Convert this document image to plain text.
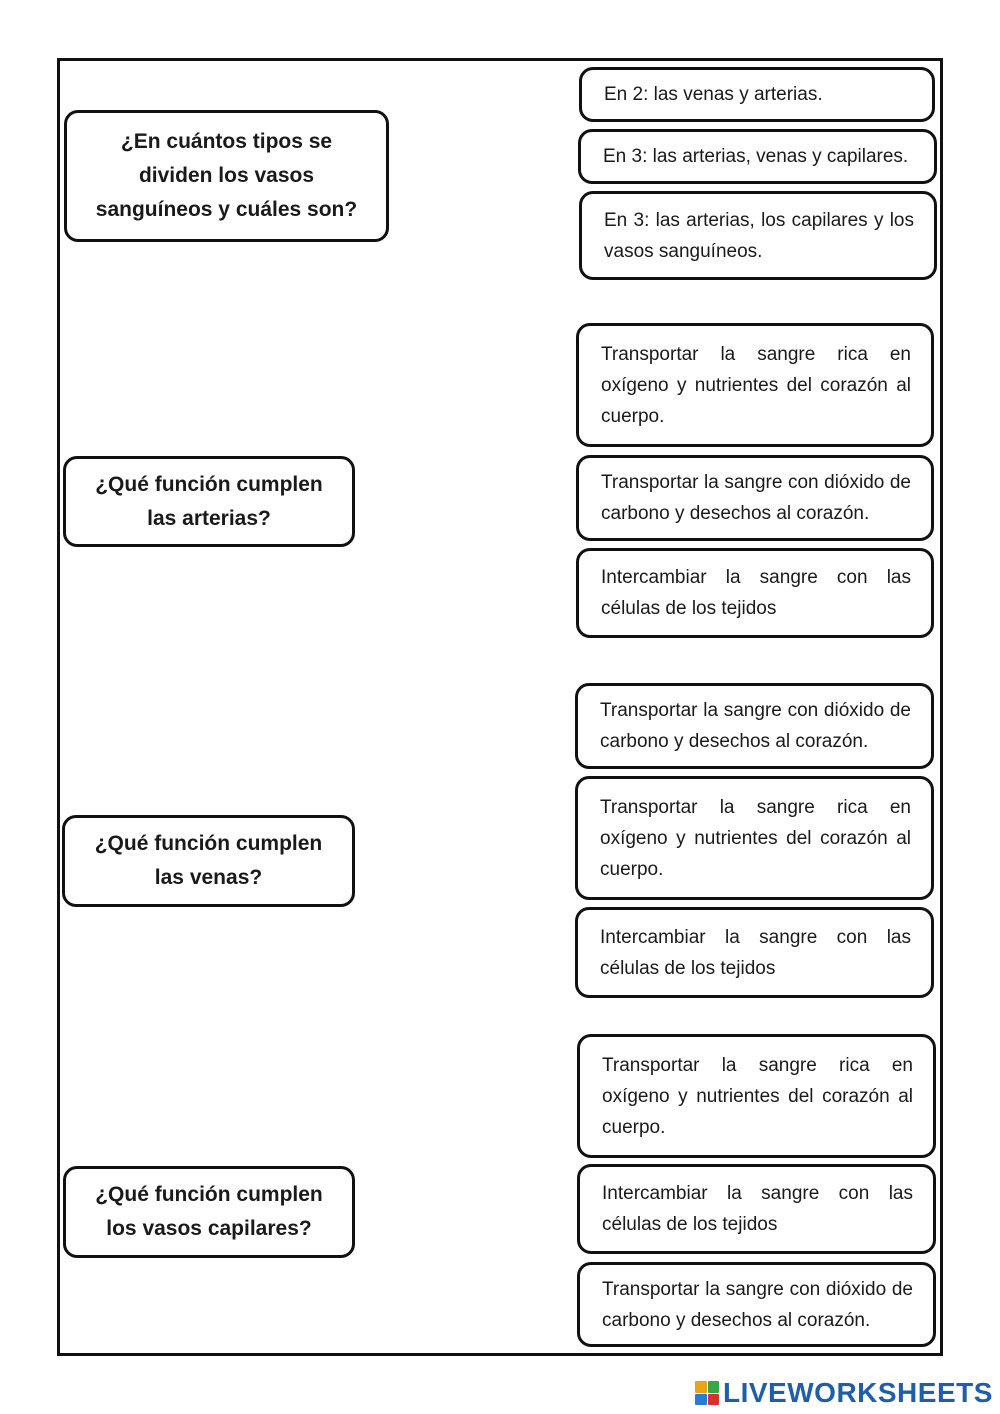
¿En cuántos tipos se dividen los vasos sanguíneos y cuáles son?
En 2: las venas y arterias.
En 3: las arterias, venas y capilares.
En 3: las arterias, los capilares y los vasos sanguíneos.
¿Qué función cumplen las arterias?
Transportar la sangre rica en oxígeno y nutrientes del corazón al cuerpo.
Transportar la sangre con dióxido de carbono y desechos al corazón.
Intercambiar la sangre con las células de los tejidos
¿Qué función cumplen las venas?
Transportar la sangre con dióxido de carbono y desechos al corazón.
Transportar la sangre rica en oxígeno y nutrientes del corazón al cuerpo.
Intercambiar la sangre con las células de los tejidos
¿Qué función cumplen los vasos capilares?
Transportar la sangre rica en oxígeno y nutrientes del corazón al cuerpo.
Intercambiar la sangre con las células de los tejidos
Transportar la sangre con dióxido de carbono y desechos al corazón.
LIVEWORKSHEETS
